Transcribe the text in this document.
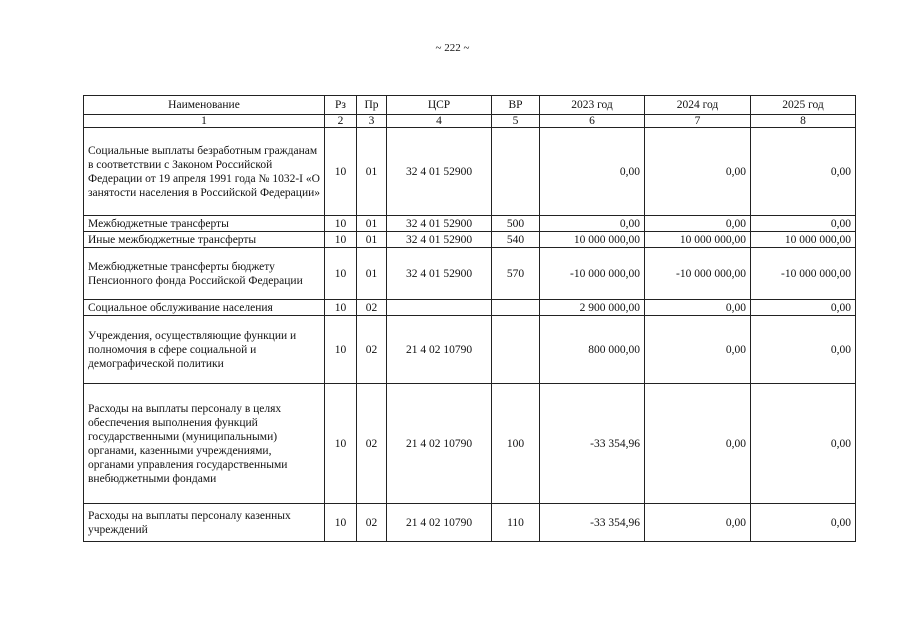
~ 222 ~
Наименование	Рз	Пр	ЦСР	ВР	2023 год	2024 год	2025 год
1	2	3	4	5	6	7	8
Социальные выплаты безработным гражданам в соответствии с Законом Российской Федерации от 19 апреля 1991 года № 1032-I «О занятости населения в Российской Федерации»	10	01	32 4 01 52900		0,00	0,00	0,00
Межбюджетные трансферты	10	01	32 4 01 52900	500	0,00	0,00	0,00
Иные межбюджетные трансферты	10	01	32 4 01 52900	540	10 000 000,00	10 000 000,00	10 000 000,00
Межбюджетные трансферты бюджету Пенсионного фонда Российской Федерации	10	01	32 4 01 52900	570	-10 000 000,00	-10 000 000,00	-10 000 000,00
Социальное обслуживание населения	10	02			2 900 000,00	0,00	0,00
Учреждения, осуществляющие функции и полномочия в сфере социальной и демографической политики	10	02	21 4 02 10790		800 000,00	0,00	0,00
Расходы на выплаты персоналу в целях обеспечения выполнения функций государственными (муниципальными) органами, казенными учреждениями, органами управления государственными внебюджетными фондами	10	02	21 4 02 10790	100	-33 354,96	0,00	0,00
Расходы на выплаты персоналу казенных учреждений	10	02	21 4 02 10790	110	-33 354,96	0,00	0,00
